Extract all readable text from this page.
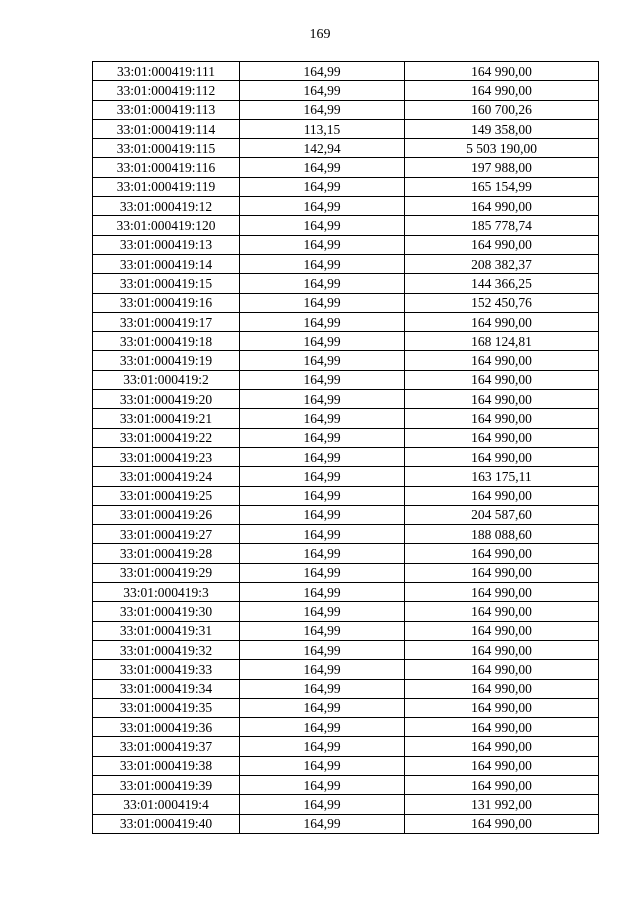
169
33:01:000419:111	164,99	164 990,00
33:01:000419:112	164,99	164 990,00
33:01:000419:113	164,99	160 700,26
33:01:000419:114	113,15	149 358,00
33:01:000419:115	142,94	5 503 190,00
33:01:000419:116	164,99	197 988,00
33:01:000419:119	164,99	165 154,99
33:01:000419:12	164,99	164 990,00
33:01:000419:120	164,99	185 778,74
33:01:000419:13	164,99	164 990,00
33:01:000419:14	164,99	208 382,37
33:01:000419:15	164,99	144 366,25
33:01:000419:16	164,99	152 450,76
33:01:000419:17	164,99	164 990,00
33:01:000419:18	164,99	168 124,81
33:01:000419:19	164,99	164 990,00
33:01:000419:2	164,99	164 990,00
33:01:000419:20	164,99	164 990,00
33:01:000419:21	164,99	164 990,00
33:01:000419:22	164,99	164 990,00
33:01:000419:23	164,99	164 990,00
33:01:000419:24	164,99	163 175,11
33:01:000419:25	164,99	164 990,00
33:01:000419:26	164,99	204 587,60
33:01:000419:27	164,99	188 088,60
33:01:000419:28	164,99	164 990,00
33:01:000419:29	164,99	164 990,00
33:01:000419:3	164,99	164 990,00
33:01:000419:30	164,99	164 990,00
33:01:000419:31	164,99	164 990,00
33:01:000419:32	164,99	164 990,00
33:01:000419:33	164,99	164 990,00
33:01:000419:34	164,99	164 990,00
33:01:000419:35	164,99	164 990,00
33:01:000419:36	164,99	164 990,00
33:01:000419:37	164,99	164 990,00
33:01:000419:38	164,99	164 990,00
33:01:000419:39	164,99	164 990,00
33:01:000419:4	164,99	131 992,00
33:01:000419:40	164,99	164 990,00
